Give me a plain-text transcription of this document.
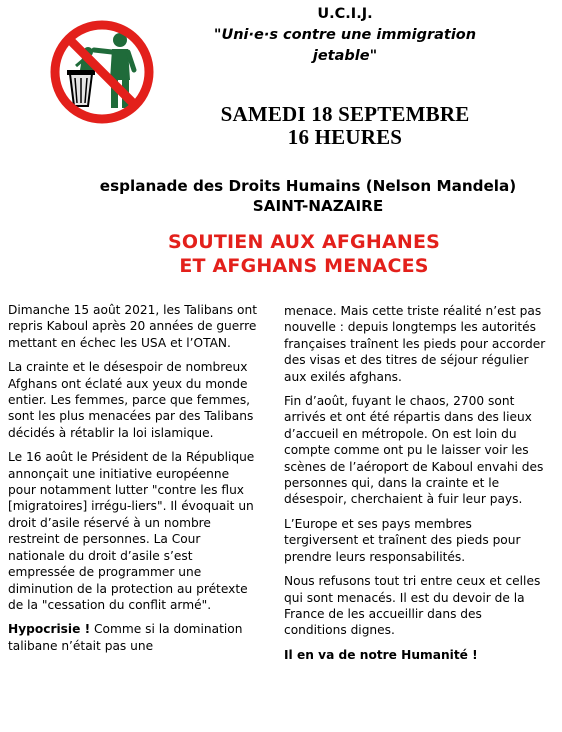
U.C.I.J.
"Uni·e·s contre une immigration
jetable"
SAMEDI 18 SEPTEMBRE
16 HEURES
esplanade des Droits Humains (Nelson Mandela)
SAINT-NAZAIRE
SOUTIEN AUX AFGHANES
ET AFGHANS MENACES

Dimanche 15 août 2021, les Talibans ont repris Kaboul après 20 années de guerre mettant en échec les USA et l’OTAN.

La crainte et le désespoir de nombreux Afghans ont éclaté aux yeux du monde entier. Les femmes, parce que femmes, sont les plus menacées par des Talibans décidés à rétablir la loi islamique.

Le 16 août le Président de la République annonçait une initiative européenne pour notamment lutter "contre les flux [migratoires] irrégu-liers". Il évoquait un droit d’asile réservé à un nombre restreint de personnes. La Cour nationale du droit d’asile s’est empressée de programmer une diminution de la protection au prétexte de la "cessation du conflit armé".

Hypocrisie ! Comme si la domination talibane n’était pas une

menace. Mais cette triste réalité n’est pas nouvelle : depuis longtemps les autorités françaises traînent les pieds pour accorder des visas et des titres de séjour régulier aux exilés afghans.

Fin d’août, fuyant le chaos, 2700 sont arrivés et ont été répartis dans des lieux d’accueil en métropole. On est loin du compte comme ont pu le laisser voir les scènes de l’aéroport de Kaboul envahi des personnes qui, dans la crainte et le désespoir, cherchaient à fuir leur pays.

L’Europe et ses pays membres tergiversent et traînent des pieds pour prendre leurs responsabilités.

Nous refusons tout tri entre ceux et celles qui sont menacés. Il est du devoir de la France de les accueillir dans des conditions dignes.

Il en va de notre Humanité !
